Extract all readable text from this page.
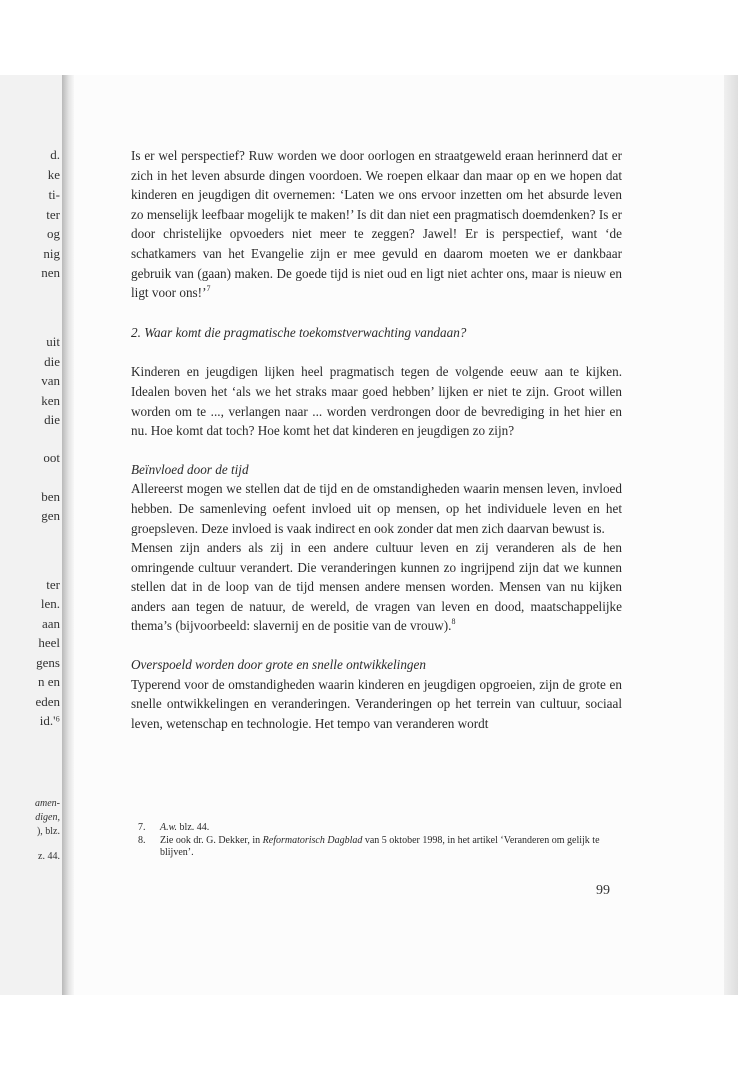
d.
ke
ti-
ter
og
nig
nen
uit
die
van
ken
die
oot
ben
gen
ter
len.
aan
heel
gens
n en
eden
id.'⁶
amen-
digen,
), blz.
z. 44.

Is er wel perspectief? Ruw worden we door oorlogen en straatgeweld eraan herinnerd dat er zich in het leven absurde dingen voordoen. We roepen elkaar dan maar op en we hopen dat kinderen en jeugdigen dit overnemen: ‘Laten we ons ervoor inzetten om het absurde leven zo menselijk leefbaar mogelijk te maken!’ Is dit dan niet een pragmatisch doemdenken? Is er door christelijke opvoeders niet meer te zeggen? Jawel! Er is perspectief, want ‘de schatkamers van het Evangelie zijn er mee gevuld en daarom moeten we er dankbaar gebruik van (gaan) maken. De goede tijd is niet oud en ligt niet achter ons, maar is nieuw en ligt voor ons!’$^7$

2. Waar komt die pragmatische toekomstverwachting vandaan?

Kinderen en jeugdigen lijken heel pragmatisch tegen de volgende eeuw aan te kijken. Idealen boven het ‘als we het straks maar goed hebben’ lijken er niet te zijn. Groot willen worden om te ..., verlangen naar ... worden verdrongen door de bevrediging in het hier en nu. Hoe komt dat toch? Hoe komt het dat kinderen en jeugdigen zo zijn?

Beïnvloed door de tijd

Allereerst mogen we stellen dat de tijd en de omstandigheden waarin mensen leven, invloed hebben. De samenleving oefent invloed uit op mensen, op het individuele leven en het groepsleven. Deze invloed is vaak indirect en ook zonder dat men zich daarvan bewust is.

Mensen zijn anders als zij in een andere cultuur leven en zij veranderen als de hen omringende cultuur verandert. Die veranderingen kunnen zo ingrijpend zijn dat we kunnen stellen dat in de loop van de tijd mensen andere mensen worden. Mensen van nu kijken anders aan tegen de natuur, de wereld, de vragen van leven en dood, maatschappelijke thema’s (bijvoorbeeld: slavernij en de positie van de vrouw).$^8$

Overspoeld worden door grote en snelle ontwikkelingen

Typerend voor de omstandigheden waarin kinderen en jeugdigen opgroeien, zijn de grote en snelle ontwikkelingen en veranderingen. Veranderingen op het terrein van cultuur, sociaal leven, wetenschap en technologie. Het tempo van veranderen wordt

7.	A.w. blz. 44.
8.	Zie ook dr. G. Dekker, in Reformatorisch Dagblad van 5 oktober 1998, in het artikel ‘Veranderen om gelijk te blijven’.
99
